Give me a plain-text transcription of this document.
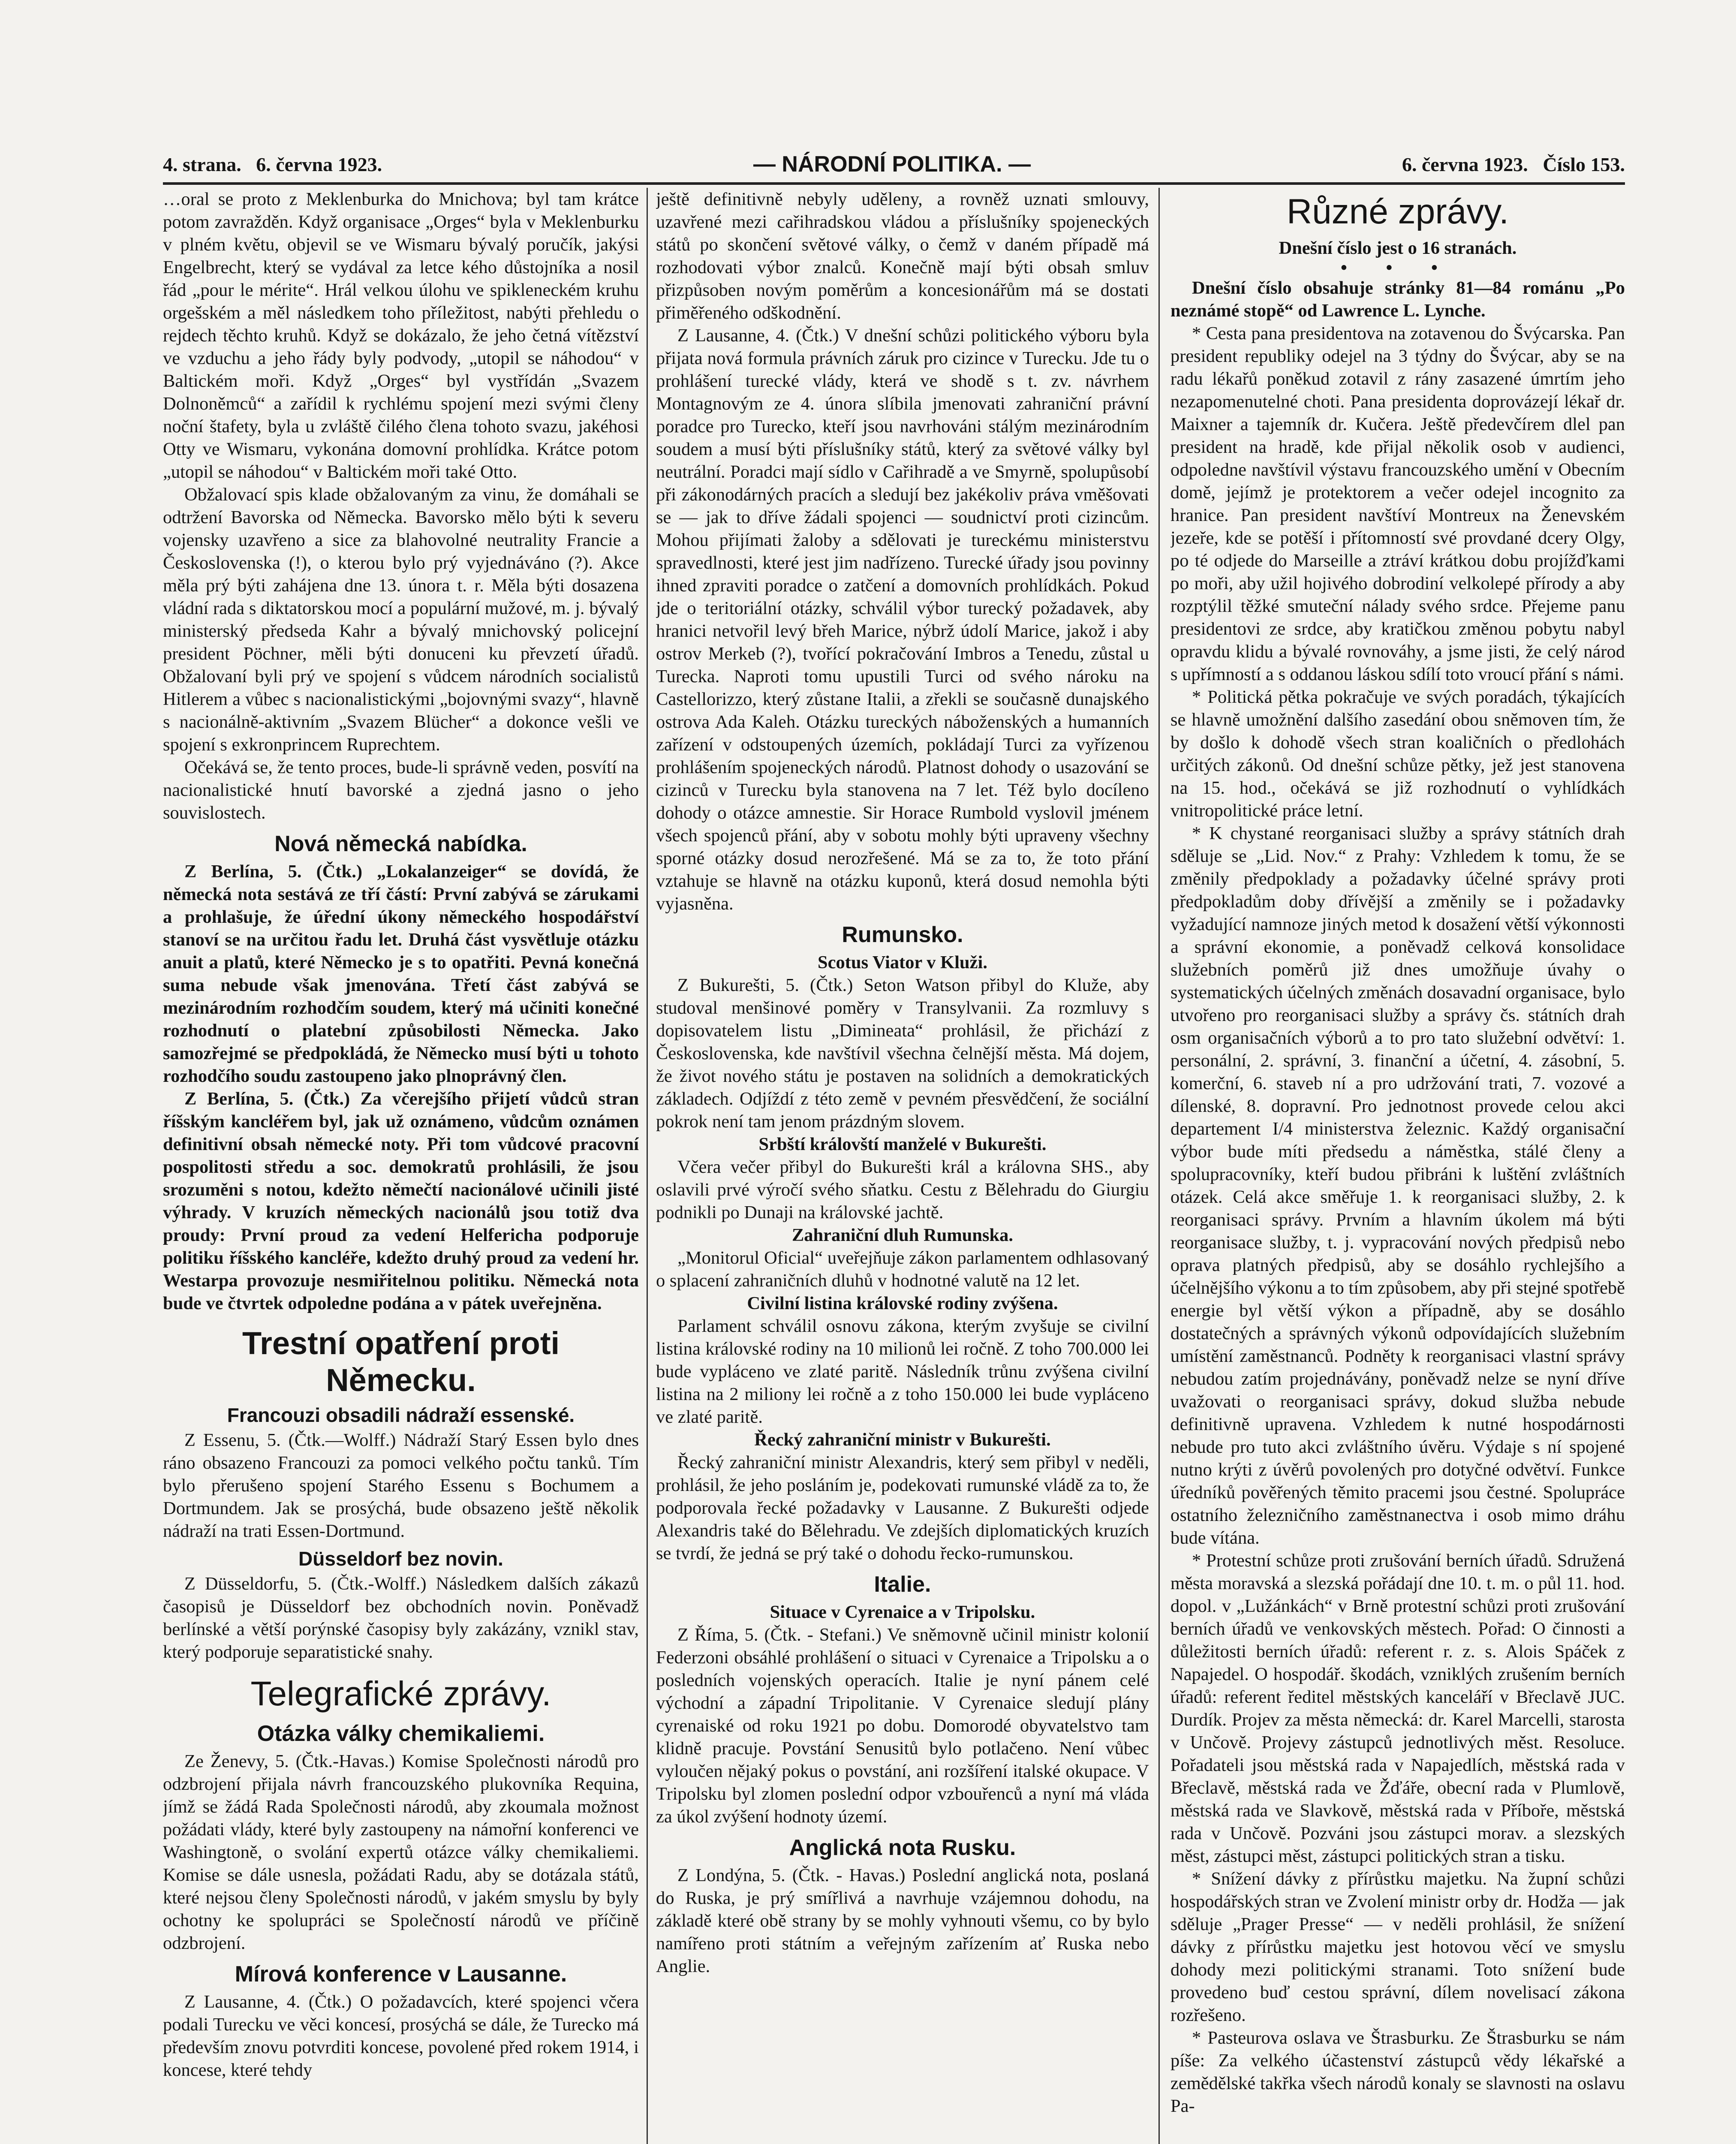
4. strana. 6. června 1923.	— NÁRODNÍ POLITIKA. —	6. června 1923. Číslo 153.

…oral se proto z Meklenburka do Mnichova; byl tam krátce potom zavražděn. Když organisace „Orges“ byla v Meklenburku v plném květu, objevil se ve Wismaru bývalý poručík, jakýsi Engelbrecht, který se vydával za letce kého důstojníka a nosil řád „pour le mérite“. Hrál velkou úlohu ve spikleneckém kruhu orgešském a měl následkem toho příležitost, nabýti přehledu o rejdech těchto kruhů. Když se dokázalo, že jeho četná vítězství ve vzduchu a jeho řády byly podvody, „utopil se náhodou“ v Baltickém moři. Když „Orges“ byl vystřídán „Svazem Dolnoněmců“ a zařídil k rychlému spojení mezi svými členy noční štafety, byla u zvláště čilého člena tohoto svazu, jakéhosi Otty ve Wismaru, vykonána domovní prohlídka. Krátce potom „utopil se náhodou“ v Baltickém moři také Otto.

Obžalovací spis klade obžalovaným za vinu, že domáhali se odtržení Bavorska od Německa. Bavorsko mělo býti k severu vojensky uzavřeno a sice za blahovolné neutrality Francie a Československa (!), o kterou bylo prý vyjednáváno (?). Akce měla prý býti zahájena dne 13. února t. r. Měla býti dosazena vládní rada s diktatorskou mocí a populární mužové, m. j. bývalý ministerský předseda Kahr a bývalý mnichovský policejní president Pöchner, měli býti donuceni ku převzetí úřadů. Obžalovaní byli prý ve spojení s vůdcem národních socialistů Hitlerem a vůbec s nacionalistickými „bojovnými svazy“, hlavně s nacionálně-aktivním „Svazem Blücher“ a dokonce vešli ve spojení s exkronprincem Ruprechtem.

Očekává se, že tento proces, bude-li správně veden, posvítí na nacionalistické hnutí bavorské a zjedná jasno o jeho souvislostech.

Nová německá nabídka.

Z Berlína, 5. (Čtk.) „Lokalanzeiger“ se dovídá, že německá nota sestává ze tří částí: První zabývá se zárukami a prohlašuje, že úřední úkony německého hospodářství stanoví se na určitou řadu let. Druhá část vysvětluje otázku anuit a platů, které Německo je s to opatřiti. Pevná konečná suma nebude však jmenována. Třetí část zabývá se mezinárodním rozhodčím soudem, který má učiniti konečné rozhodnutí o platební způsobilosti Německa. Jako samozřejmé se předpokládá, že Německo musí býti u tohoto rozhodčího soudu zastoupeno jako plnoprávný člen.

Z Berlína, 5. (Čtk.) Za včerejšího přijetí vůdců stran říšským kancléřem byl, jak už oznámeno, vůdcům oznámen definitivní obsah německé noty. Při tom vůdcové pracovní pospolitosti středu a soc. demokratů prohlásili, že jsou srozuměni s notou, kdežto němečtí nacionálové učinili jisté výhrady. V kruzích německých nacionálů jsou totiž dva proudy: První proud za vedení Helfericha podporuje politiku říšského kancléře, kdežto druhý proud za vedení hr. Westarpa provozuje nesmiřitelnou politiku. Německá nota bude ve čtvrtek odpoledne podána a v pátek uveřejněna.

Trestní opatření proti Německu.
Francouzi obsadili nádraží essenské.

Z Essenu, 5. (Čtk.—Wolff.) Nádraží Starý Essen bylo dnes ráno obsazeno Francouzi za pomoci velkého počtu tanků. Tím bylo přerušeno spojení Starého Essenu s Bochumem a Dortmundem. Jak se prosýchá, bude obsazeno ještě několik nádraží na trati Essen-Dortmund.

Düsseldorf bez novin.

Z Düsseldorfu, 5. (Čtk.-Wolff.) Následkem dalších zákazů časopisů je Düsseldorf bez obchodních novin. Poněvadž berlínské a větší porýnské časopisy byly zakázány, vznikl stav, který podporuje separatistické snahy.

Telegrafické zprávy.
Otázka války chemikaliemi.

Ze Ženevy, 5. (Čtk.-Havas.) Komise Společnosti národů pro odzbrojení přijala návrh francouzského plukovníka Requina, jímž se žádá Rada Společnosti národů, aby zkoumala možnost požádati vlády, které byly zastoupeny na námořní konferenci ve Washingtoně, o svolání expertů otázce války chemikaliemi. Komise se dále usnesla, požádati Radu, aby se dotázala států, které nejsou členy Společnosti národů, v jakém smyslu by byly ochotny ke spolupráci se Společností národů ve příčině odzbrojení.

Mírová konference v Lausanne.

Z Lausanne, 4. (Čtk.) O požadavcích, které spojenci včera podali Turecku ve věci koncesí, prosýchá se dále, že Turecko má především znovu potvrditi koncese, povolené před rokem 1914, i koncese, které tehdy

ještě definitivně nebyly uděleny, a rovněž uznati smlouvy, uzavřené mezi cařihradskou vládou a příslušníky spojeneckých států po skončení světové války, o čemž v daném případě má rozhodovati výbor znalců. Konečně mají býti obsah smluv přizpůsoben novým poměrům a koncesionářům má se dostati přiměřeného odškodnění.

Z Lausanne, 4. (Čtk.) V dnešní schůzi politického výboru byla přijata nová formula právních záruk pro cizince v Turecku. Jde tu o prohlášení turecké vlády, která ve shodě s t. zv. návrhem Montagnovým ze 4. února slíbila jmenovati zahraniční právní poradce pro Turecko, kteří jsou navrhováni stálým mezinárodním soudem a musí býti příslušníky států, který za světové války byl neutrální. Poradci mají sídlo v Cařihradě a ve Smyrně, spolupůsobí při zákonodárných pracích a sledují bez jakékoliv práva vměšovati se — jak to dříve žádali spojenci — soudnictví proti cizincům. Mohou přijímati žaloby a sdělovati je tureckému ministerstvu spravedlnosti, které jest jim nadřízeno. Turecké úřady jsou povinny ihned zpraviti poradce o zatčení a domovních prohlídkách. Pokud jde o teritoriální otázky, schválil výbor turecký požadavek, aby hranici netvořil levý břeh Marice, nýbrž údolí Marice, jakož i aby ostrov Merkeb (?), tvořící pokračování Imbros a Tenedu, zůstal u Turecka. Naproti tomu upustili Turci od svého nároku na Castellorizzo, který zůstane Italii, a zřekli se současně dunajského ostrova Ada Kaleh. Otázku tureckých náboženských a humanních zařízení v odstoupených územích, pokládají Turci za vyřízenou prohlášením spojeneckých národů. Platnost dohody o usazování se cizinců v Turecku byla stanovena na 7 let. Též bylo docíleno dohody o otázce amnestie. Sir Horace Rumbold vyslovil jménem všech spojenců přání, aby v sobotu mohly býti upraveny všechny sporné otázky dosud nerozřešené. Má se za to, že toto přání vztahuje se hlavně na otázku kuponů, která dosud nemohla býti vyjasněna.

Rumunsko.
Scotus Viator v Kluži.

Z Bukurešti, 5. (Čtk.) Seton Watson přibyl do Kluže, aby studoval menšinové poměry v Transylvanii. Za rozmluvy s dopisovatelem listu „Dimineata“ prohlásil, že přichází z Československa, kde navštívil všechna čelnější města. Má dojem, že život nového státu je postaven na solidních a demokratických základech. Odjíždí z této země v pevném přesvědčení, že sociální pokrok není tam jenom prázdným slovem.

Srbští královští manželé v Bukurešti.

Včera večer přibyl do Bukurešti král a královna SHS., aby oslavili prvé výročí svého sňatku. Cestu z Bělehradu do Giurgiu podnikli po Dunaji na královské jachtě.

Zahraniční dluh Rumunska.

„Monitorul Oficial“ uveřejňuje zákon parlamentem odhlasovaný o splacení zahraničních dluhů v hodnotné valutě na 12 let.

Civilní listina královské rodiny zvýšena.

Parlament schválil osnovu zákona, kterým zvyšuje se civilní listina královské rodiny na 10 milionů lei ročně. Z toho 700.000 lei bude vypláceno ve zlaté paritě. Následník trůnu zvýšena civilní listina na 2 miliony lei ročně a z toho 150.000 lei bude vypláceno ve zlaté paritě.

Řecký zahraniční ministr v Bukurešti.

Řecký zahraniční ministr Alexandris, který sem přibyl v neděli, prohlásil, že jeho posláním je, podekovati rumunské vládě za to, že podporovala řecké požadavky v Lausanne. Z Bukurešti odjede Alexandris také do Bělehradu. Ve zdejších diplomatických kruzích se tvrdí, že jedná se prý také o dohodu řecko-rumunskou.

Italie.
Situace v Cyrenaice a v Tripolsku.

Z Říma, 5. (Čtk. - Stefani.) Ve sněmovně učinil ministr kolonií Federzoni obsáhlé prohlášení o situaci v Cyrenaice a Tripolsku a o posledních vojenských operacích. Italie je nyní pánem celé východní a západní Tripolitanie. V Cyrenaice sledují plány cyrenaiské od roku 1921 po dobu. Domorodé obyvatelstvo tam klidně pracuje. Povstání Senusitů bylo potlačeno. Není vůbec vyloučen nějaký pokus o povstání, ani rozšíření italské okupace. V Tripolsku byl zlomen poslední odpor vzbouřenců a nyní má vláda za úkol zvýšení hodnoty území.

Anglická nota Rusku.

Z Londýna, 5. (Čtk. - Havas.) Poslední anglická nota, poslaná do Ruska, je prý smířlivá a navrhuje vzájemnou dohodu, na základě které obě strany by se mohly vyhnouti všemu, co by bylo namířeno proti státním a veřejným zařízením ať Ruska nebo Anglie.

Různé zprávy.
Dnešní číslo jest o 16 stranách.
• • •

Dnešní číslo obsahuje stránky 81—84 románu „Po neznámé stopě“ od Lawrence L. Lynche.

* Cesta pana presidentova na zotavenou do Švýcarska. Pan president republiky odejel na 3 týdny do Švýcar, aby se na radu lékařů poněkud zotavil z rány zasazené úmrtím jeho nezapomenutelné choti. Pana presidenta doprovázejí lékař dr. Maixner a tajemník dr. Kučera. Ještě předevčírem dlel pan president na hradě, kde přijal několik osob v audienci, odpoledne navštívil výstavu francouzského umění v Obecním domě, jejímž je protektorem a večer odejel incognito za hranice. Pan president navštíví Montreux na Ženevském jezeře, kde se potěší i přítomností své provdané dcery Olgy, po té odjede do Marseille a ztráví krátkou dobu projížďkami po moři, aby užil hojivého dobrodiní velkolepé přírody a aby rozptýlil těžké smuteční nálady svého srdce. Přejeme panu presidentovi ze srdce, aby kratičkou změnou pobytu nabyl opravdu klidu a bývalé rovnováhy, a jsme jisti, že celý národ s upřímností a s oddanou láskou sdílí toto vroucí přání s námi.

* Politická pětka pokračuje ve svých poradách, týkajících se hlavně umožnění dalšího zasedání obou sněmoven tím, že by došlo k dohodě všech stran koaličních o předlohách určitých zákonů. Od dnešní schůze pětky, jež jest stanovena na 15. hod., očekává se již rozhodnutí o vyhlídkách vnitropolitické práce letní.

* K chystané reorganisaci služby a správy státních drah sděluje se „Lid. Nov.“ z Prahy: Vzhledem k tomu, že se změnily předpoklady a požadavky účelné správy proti předpokladům doby dřívější a změnily se i požadavky vyžadující namnoze jiných metod k dosažení větší výkonnosti a správní ekonomie, a poněvadž celková konsolidace služebních poměrů již dnes umožňuje úvahy o systematických účelných změnách dosavadní organisace, bylo utvořeno pro reorganisaci služby a správy čs. státních drah osm organisačních výborů a to pro tato služební odvětví: 1. personální, 2. správní, 3. finanční a účetní, 4. zásobní, 5. komerční, 6. staveb ní a pro udržování trati, 7. vozové a dílenské, 8. dopravní. Pro jednotnost provede celou akci departement I/4 ministerstva železnic. Každý organisační výbor bude míti předsedu a náměstka, stálé členy a spolupracovníky, kteří budou přibráni k luštění zvláštních otázek. Celá akce směřuje 1. k reorganisaci služby, 2. k reorganisaci správy. Prvním a hlavním úkolem má býti reorganisace služby, t. j. vypracování nových předpisů nebo oprava platných předpisů, aby se dosáhlo rychlejšího a účelnějšího výkonu a to tím způsobem, aby při stejné spotřebě energie byl větší výkon a případně, aby se dosáhlo dostatečných a správných výkonů odpovídajících služebním umístění zaměstnanců. Podněty k reorganisaci vlastní správy nebudou zatím projednávány, poněvadž nelze se nyní dříve uvažovati o reorganisaci správy, dokud služba nebude definitivně upravena. Vzhledem k nutné hospodárnosti nebude pro tuto akci zvláštního úvěru. Výdaje s ní spojené nutno krýti z úvěrů povolených pro dotyčné odvětví. Funkce úředníků pověřených těmito pracemi jsou čestné. Spolupráce ostatního železničního zaměstnanectva i osob mimo dráhu bude vítána.

* Protestní schůze proti zrušování berních úřadů. Sdružená města moravská a slezská pořádají dne 10. t. m. o půl 11. hod. dopol. v „Lužánkách“ v Brně protestní schůzi proti zrušování berních úřadů ve venkovských městech. Pořad: O činnosti a důležitosti berních úřadů: referent r. z. s. Alois Spáček z Napajedel. O hospodář. škodách, vzniklých zrušením berních úřadů: referent ředitel městských kanceláří v Břeclavě JUC. Durdík. Projev za města německá: dr. Karel Marcelli, starosta v Unčově. Projevy zástupců jednotlivých měst. Resoluce. Pořadateli jsou městská rada v Napajedlích, městská rada v Břeclavě, městská rada ve Žďáře, obecní rada v Plumlově, městská rada ve Slavkově, městská rada v Příboře, městská rada v Unčově. Pozváni jsou zástupci morav. a slezských měst, zástupci měst, zástupci politických stran a tisku.

* Snížení dávky z přírůstku majetku. Na župní schůzi hospodářských stran ve Zvolení ministr orby dr. Hodža — jak sděluje „Prager Presse“ — v neděli prohlásil, že snížení dávky z přírůstku majetku jest hotovou věcí ve smyslu dohody mezi politickými stranami. Toto snížení bude provedeno buď cestou správní, dílem novelisací zákona rozřešeno.

* Pasteurova oslava ve Štrasburku. Ze Štrasburku se nám píše: Za velkého účastenství zástupců vědy lékařské a zemědělské takřka všech národů konaly se slavnosti na oslavu Pa-
